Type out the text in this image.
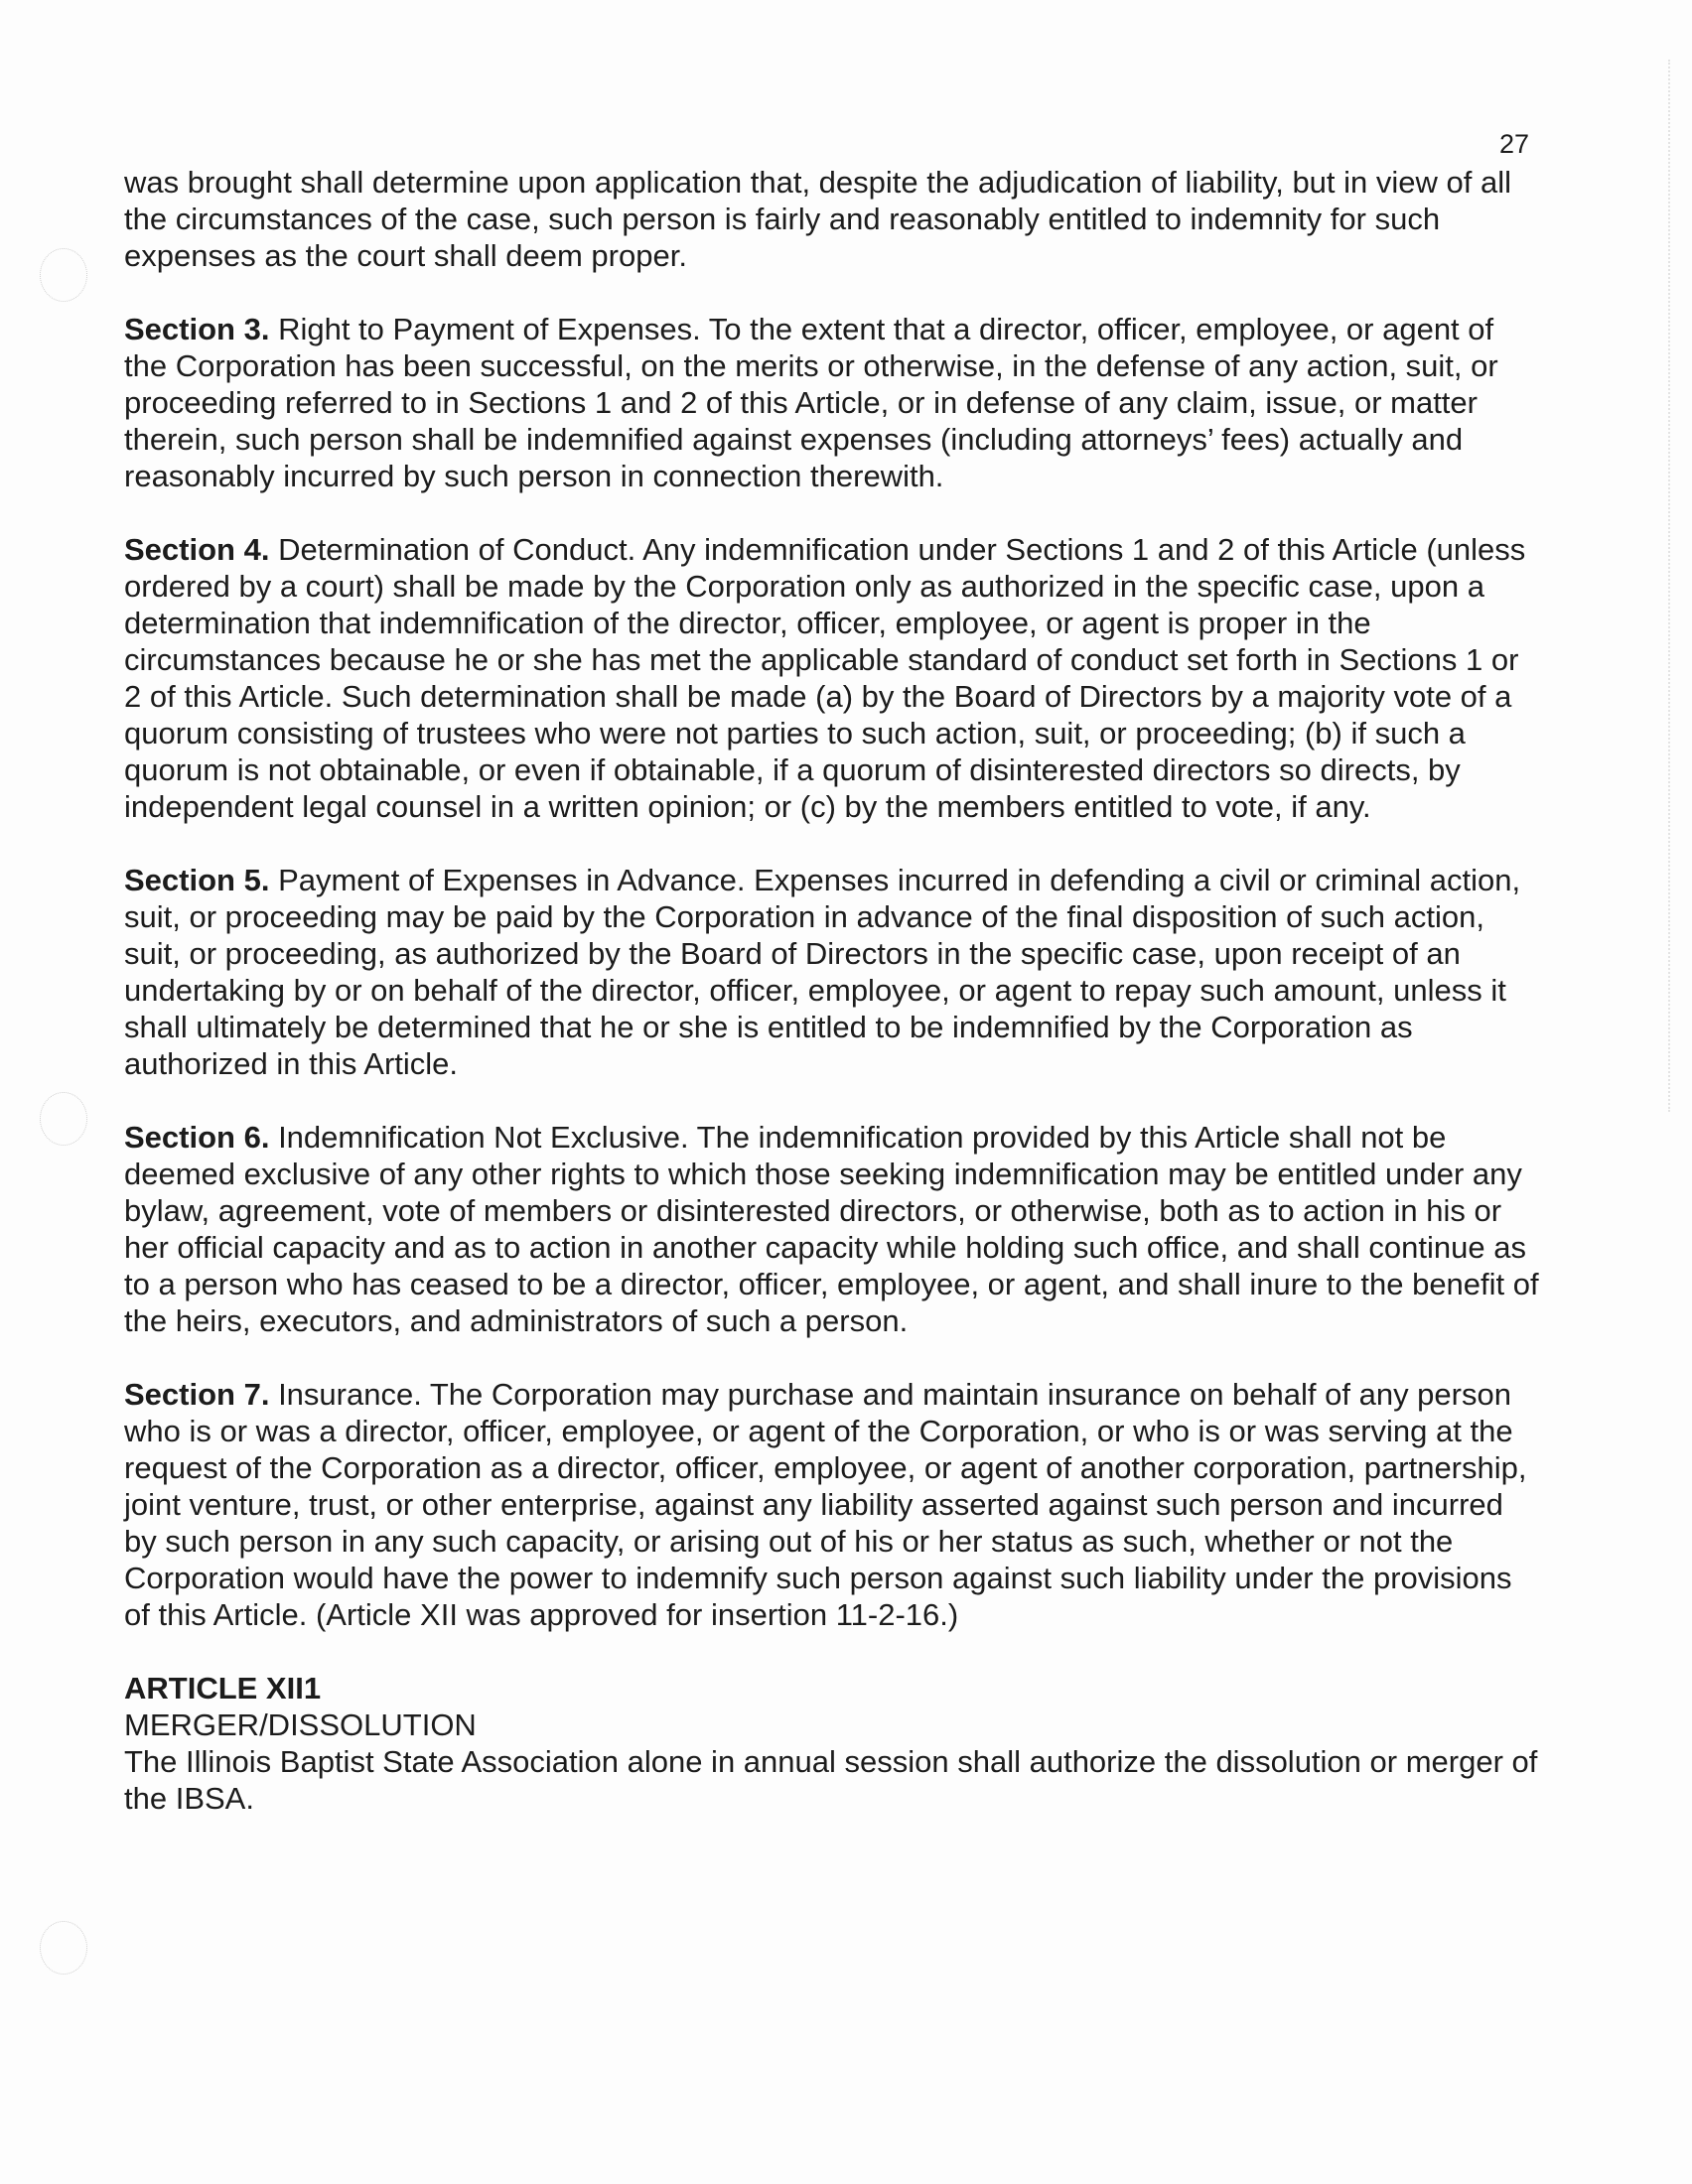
27

was brought shall determine upon application that, despite the adjudication of liability, but in view of all the circumstances of the case, such person is fairly and reasonably entitled to indemnity for such expenses as the court shall deem proper.

Section 3. Right to Payment of Expenses. To the extent that a director, officer, employee, or agent of the Corporation has been successful, on the merits or otherwise, in the defense of any action, suit, or proceeding referred to in Sections 1 and 2 of this Article, or in defense of any claim, issue, or matter therein, such person shall be indemnified against expenses (including attorneys’ fees) actually and reasonably incurred by such person in connection therewith.

Section 4. Determination of Conduct. Any indemnification under Sections 1 and 2 of this Article (unless ordered by a court) shall be made by the Corporation only as authorized in the specific case, upon a determination that indemnification of the director, officer, employee, or agent is proper in the circumstances because he or she has met the applicable standard of conduct set forth in Sections 1 or 2 of this Article. Such determination shall be made (a) by the Board of Directors by a majority vote of a quorum consisting of trustees who were not parties to such action, suit, or proceeding; (b) if such a quorum is not obtainable, or even if obtainable, if a quorum of disinterested directors so directs, by independent legal counsel in a written opinion; or (c) by the members entitled to vote, if any.

Section 5. Payment of Expenses in Advance. Expenses incurred in defending a civil or criminal action, suit, or proceeding may be paid by the Corporation in advance of the final disposition of such action, suit, or proceeding, as authorized by the Board of Directors in the specific case, upon receipt of an undertaking by or on behalf of the director, officer, employee, or agent to repay such amount, unless it shall ultimately be determined that he or she is entitled to be indemnified by the Corporation as authorized in this Article.

Section 6. Indemnification Not Exclusive. The indemnification provided by this Article shall not be deemed exclusive of any other rights to which those seeking indemnification may be entitled under any bylaw, agreement, vote of members or disinterested directors, or otherwise, both as to action in his or her official capacity and as to action in another capacity while holding such office, and shall continue as to a person who has ceased to be a director, officer, employee, or agent, and shall inure to the benefit of the heirs, executors, and administrators of such a person.

Section 7. Insurance. The Corporation may purchase and maintain insurance on behalf of any person who is or was a director, officer, employee, or agent of the Corporation, or who is or was serving at the request of the Corporation as a director, officer, employee, or agent of another corporation, partnership, joint venture, trust, or other enterprise, against any liability asserted against such person and incurred by such person in any such capacity, or arising out of his or her status as such, whether or not the Corporation would have the power to indemnify such person against such liability under the provisions of this Article. (Article XII was approved for insertion 11-2-16.)

ARTICLE XII1
MERGER/DISSOLUTION
The Illinois Baptist State Association alone in annual session shall authorize the dissolution or merger of the IBSA.
